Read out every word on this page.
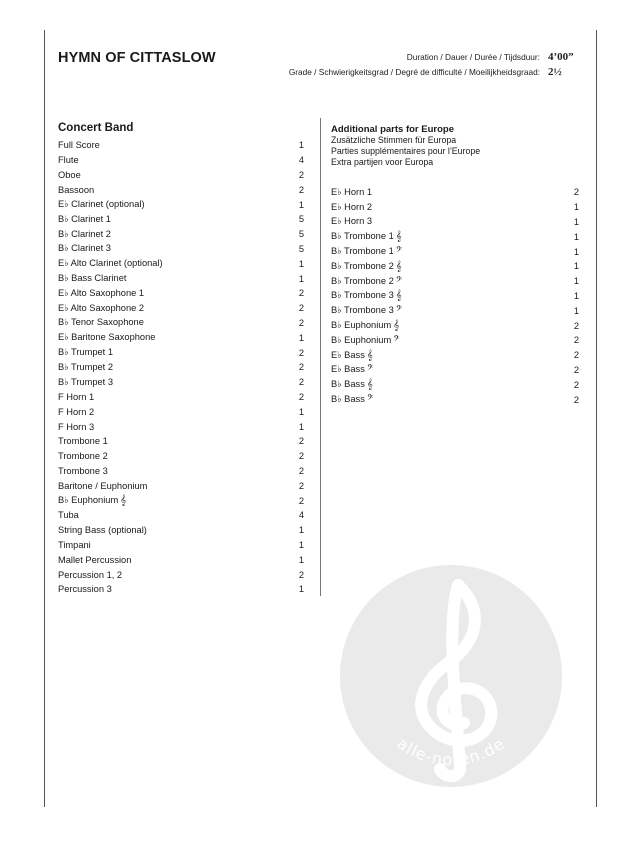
HYMN OF CITTASLOW	Duration / Dauer / Durée / Tijdsduur: 4’00”
Grade / Schwierigkeitsgrad / Degré de difficulté / Moeilijkheidsgraad: 2½
Concert Band
Full Score	1
Flute	4
Oboe	2
Bassoon	2
E♭ Clarinet (optional)	1
B♭ Clarinet 1	5
B♭ Clarinet 2	5
B♭ Clarinet 3	5
E♭ Alto Clarinet (optional)	1
B♭ Bass Clarinet	1
E♭ Alto Saxophone 1	2
E♭ Alto Saxophone 2	2
B♭ Tenor Saxophone	2
E♭ Baritone Saxophone	1
B♭ Trumpet 1	2
B♭ Trumpet 2	2
B♭ Trumpet 3	2
F Horn 1	2
F Horn 2	1
F Horn 3	1
Trombone 1	2
Trombone 2	2
Trombone 3	2
Baritone / Euphonium	2
B♭ Euphonium 𝄞	2
Tuba	4
String Bass (optional)	1
Timpani	1
Mallet Percussion	1
Percussion 1, 2	2
Percussion 3	1
Additional parts for Europe
Zusätzliche Stimmen für Europa
Parties supplémentaires pour l’Europe
Extra partijen voor Europa
E♭ Horn 1	2
E♭ Horn 2	1
E♭ Horn 3	1
B♭ Trombone 1 𝄞	1
B♭ Trombone 1 𝄢	1
B♭ Trombone 2 𝄞	1
B♭ Trombone 2 𝄢	1
B♭ Trombone 3 𝄞	1
B♭ Trombone 3 𝄢	1
B♭ Euphonium 𝄞	2
B♭ Euphonium 𝄢	2
E♭ Bass 𝄞	2
E♭ Bass 𝄢	2
B♭ Bass 𝄞	2
B♭ Bass 𝄢	2
alle-noten.de
